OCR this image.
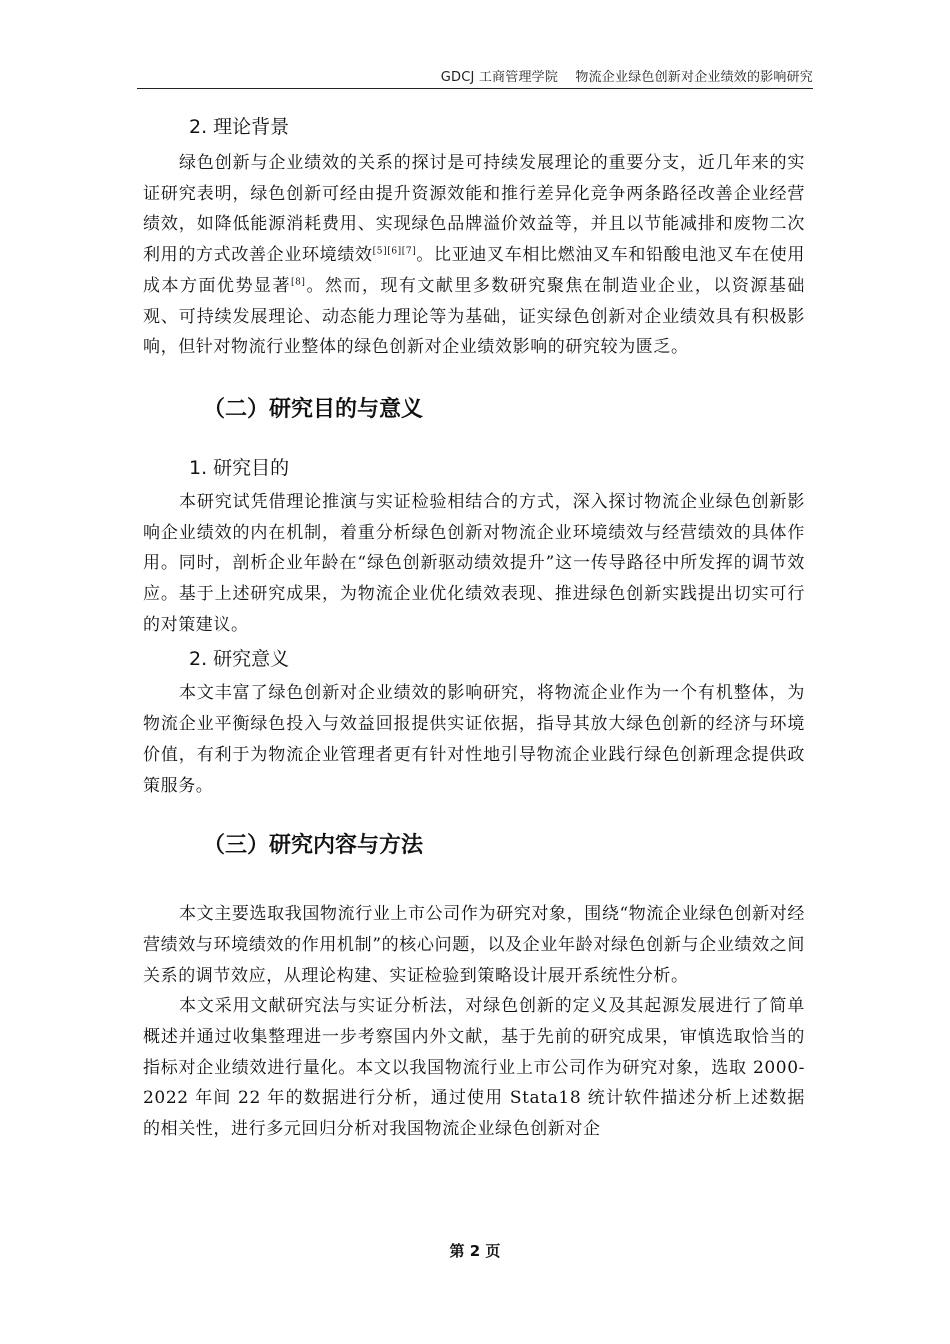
GDCJ 工商管理学院    物流企业绿色创新对企业绩效的影响研究
2. 理论背景

绿色创新与企业绩效的关系的探讨是可持续发展理论的重要分支，近几年来的实证研究表明，绿色创新可经由提升资源效能和推行差异化竞争两条路径改善企业经营绩效，如降低能源消耗费用、实现绿色品牌溢价效益等，并且以节能减排和废物二次利用的方式改善企业环境绩效[5][6][7]。比亚迪叉车相比燃油叉车和铅酸电池叉车在使用成本方面优势显著[8]。然而，现有文献里多数研究聚焦在制造业企业，以资源基础观、可持续发展理论、动态能力理论等为基础，证实绿色创新对企业绩效具有积极影响，但针对物流行业整体的绿色创新对企业绩效影响的研究较为匮乏。

（二）研究目的与意义
1. 研究目的

本研究试凭借理论推演与实证检验相结合的方式，深入探讨物流企业绿色创新影响企业绩效的内在机制，着重分析绿色创新对物流企业环境绩效与经营绩效的具体作用。同时，剖析企业年龄在“绿色创新驱动绩效提升”这一传导路径中所发挥的调节效应。基于上述研究成果，为物流企业优化绩效表现、推进绿色创新实践提出切实可行的对策建议。

2. 研究意义

本文丰富了绿色创新对企业绩效的影响研究，将物流企业作为一个有机整体，为物流企业平衡绿色投入与效益回报提供实证依据，指导其放大绿色创新的经济与环境价值，有利于为物流企业管理者更有针对性地引导物流企业践行绿色创新理念提供政策服务。

（三）研究内容与方法

本文主要选取我国物流行业上市公司作为研究对象，围绕“物流企业绿色创新对经营绩效与环境绩效的作用机制”的核心问题，以及企业年龄对绿色创新与企业绩效之间关系的调节效应，从理论构建、实证检验到策略设计展开系统性分析。

本文采用文献研究法与实证分析法，对绿色创新的定义及其起源发展进行了简单概述并通过收集整理进一步考察国内外文献，基于先前的研究成果，审慎选取恰当的指标对企业绩效进行量化。本文以我国物流行业上市公司作为研究对象，选取 2000-2022 年间 22 年的数据进行分析，通过使用 Stata18 统计软件描述分析上述数据的相关性，进行多元回归分析对我国物流企业绿色创新对企

第 2 页
